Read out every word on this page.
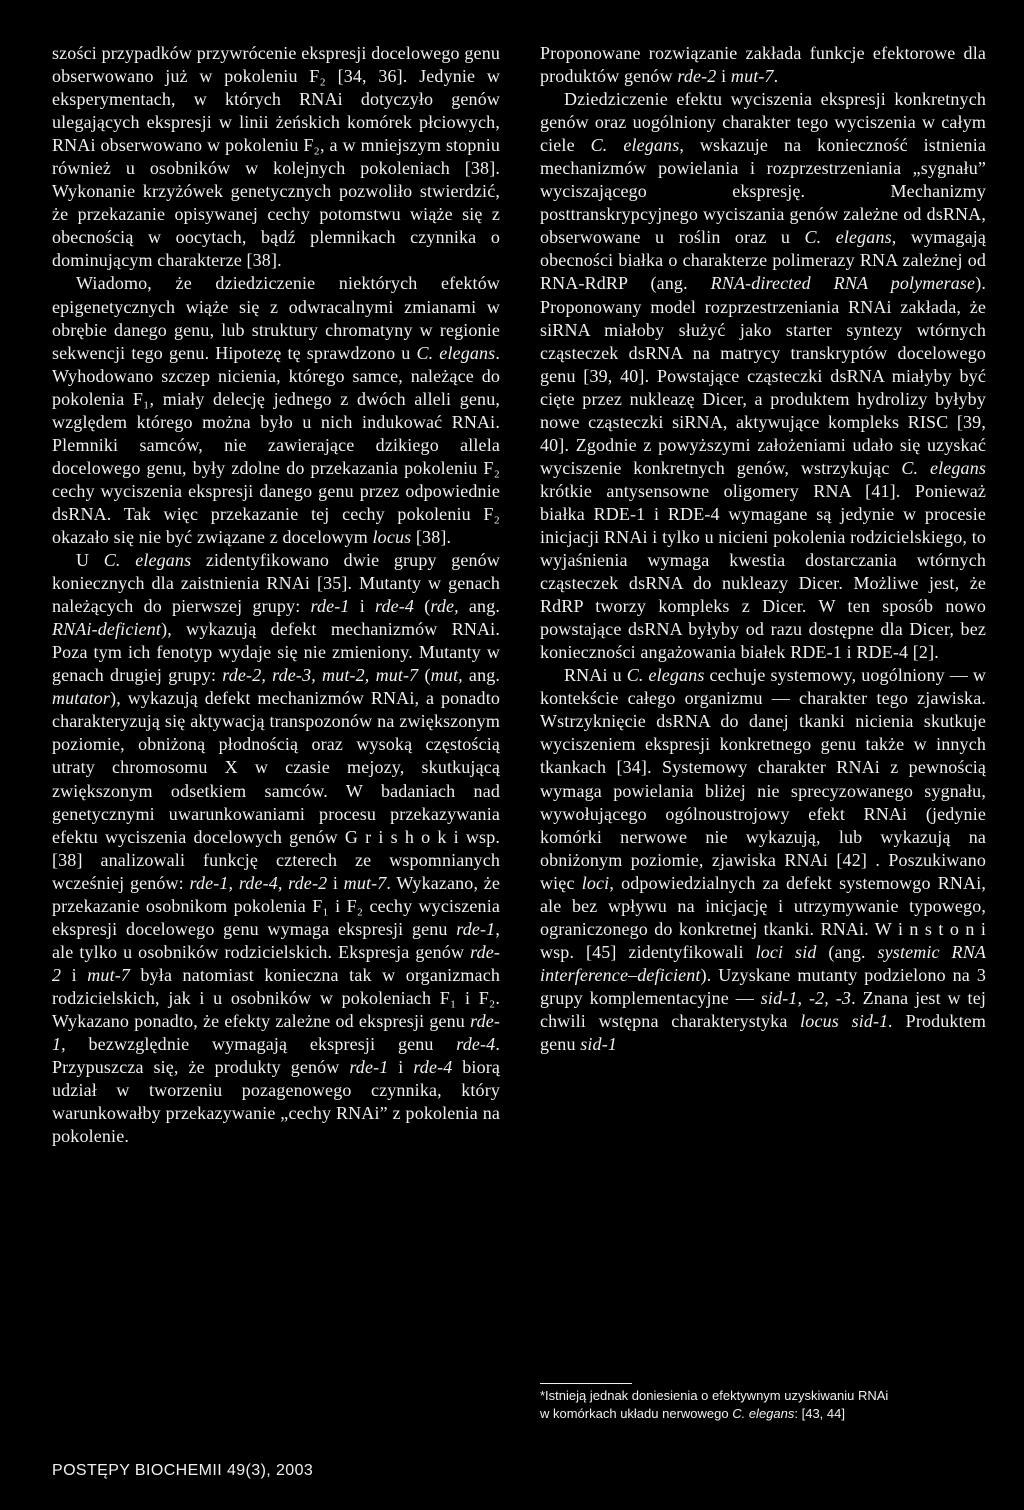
szości przypadków przywrócenie ekspresji docelowego genu obserwowano już w pokoleniu F₂ [34, 36]. Jedynie w eksperymentach, w których RNAi dotyczyło genów ulegających ekspresji w linii żeńskich komórek płciowych, RNAi obserwowano w pokoleniu F₂, a w mniejszym stopniu również u osobników w kolejnych pokoleniach [38]. Wykonanie krzyżówek genetycznych pozwoliło stwierdzić, że przekazanie opisywanej cechy potomstwu wiąże się z obecnością w oocytach, bądź plemnikach czynnika o dominującym charakterze [38].

Wiadomo, że dziedziczenie niektórych efektów epigenetycznych wiąże się z odwracalnymi zmianami w obrębie danego genu, lub struktury chromatyny w regionie sekwencji tego genu. Hipotezę tę sprawdzono u C. elegans. Wyhodowano szczep nicienia, którego samce, należące do pokolenia F₁, miały delecję jednego z dwóch alleli genu, względem którego można było u nich indukować RNAi. Plemniki samców, nie zawierające dzikiego allela docelowego genu, były zdolne do przekazania pokoleniu F₂ cechy wyciszenia ekspresji danego genu przez odpowiednie dsRNA. Tak więc przekazanie tej cechy pokoleniu F₂ okazało się nie być związane z docelowym locus [38].

U C. elegans zidentyfikowano dwie grupy genów koniecznych dla zaistnienia RNAi [35]. Mutanty w genach należących do pierwszej grupy: rde-1 i rde-4 (rde, ang. RNAi-deficient), wykazują defekt mechanizmów RNAi. Poza tym ich fenotyp wydaje się nie zmieniony. Mutanty w genach drugiej grupy: rde-2, rde-3, mut-2, mut-7 (mut, ang. mutator), wykazują defekt mechanizmów RNAi, a ponadto charakteryzują się aktywacją transpozonów na zwiększonym poziomie, obniżoną płodnością oraz wysoką częstością utraty chromosomu X w czasie mejozy, skutkującą zwiększonym odsetkiem samców. W badaniach nad genetycznymi uwarunkowaniami procesu przekazywania efektu wyciszenia docelowych genów G r i s h o k i wsp. [38] analizowali funkcję czterech ze wspomnianych wcześniej genów: rde-1, rde-4, rde-2 i mut-7. Wykazano, że przekazanie osobnikom pokolenia F₁ i F₂ cechy wyciszenia ekspresji docelowego genu wymaga ekspresji genu rde-1, ale tylko u osobników rodzicielskich. Ekspresja genów rde-2 i mut-7 była natomiast konieczna tak w organizmach rodzicielskich, jak i u osobników w pokoleniach F₁ i F₂. Wykazano ponadto, że efekty zależne od ekspresji genu rde-1, bezwzględnie wymagają ekspresji genu rde-4. Przypuszcza się, że produkty genów rde-1 i rde-4 biorą udział w tworzeniu pozagenowego czynnika, który warunkowałby przekazywanie „cechy RNAi” z pokolenia na pokolenie.

Proponowane rozwiązanie zakłada funkcje efektorowe dla produktów genów rde-2 i mut-7.

Dziedziczenie efektu wyciszenia ekspresji konkretnych genów oraz uogólniony charakter tego wyciszenia w całym ciele C. elegans, wskazuje na konieczność istnienia mechanizmów powielania i rozprzestrzeniania „sygnału” wyciszającego ekspresję. Mechanizmy posttranskrypcyjnego wyciszania genów zależne od dsRNA, obserwowane u roślin oraz u C. elegans, wymagają obecności białka o charakterze polimerazy RNA zależnej od RNA-RdRP (ang. RNA-directed RNA polymerase). Proponowany model rozprzestrzeniania RNAi zakłada, że siRNA miałoby służyć jako starter syntezy wtórnych cząsteczek dsRNA na matrycy transkryptów docelowego genu [39, 40]. Powstające cząsteczki dsRNA miałyby być cięte przez nukleazę Dicer, a produktem hydrolizy byłyby nowe cząsteczki siRNA, aktywujące kompleks RISC [39, 40]. Zgodnie z powyższymi założeniami udało się uzyskać wyciszenie konkretnych genów, wstrzykując C. elegans krótkie antysensowne oligomery RNA [41]. Ponieważ białka RDE-1 i RDE-4 wymagane są jedynie w procesie inicjacji RNAi i tylko u nicieni pokolenia rodzicielskiego, to wyjaśnienia wymaga kwestia dostarczania wtórnych cząsteczek dsRNA do nukleazy Dicer. Możliwe jest, że RdRP tworzy kompleks z Dicer. W ten sposób nowo powstające dsRNA byłyby od razu dostępne dla Dicer, bez konieczności angażowania białek RDE-1 i RDE-4 [2].

RNAi u C. elegans cechuje systemowy, uogólniony — w kontekście całego organizmu — charakter tego zjawiska. Wstrzyknięcie dsRNA do danej tkanki nicienia skutkuje wyciszeniem ekspresji konkretnego genu także w innych tkankach [34]. Systemowy charakter RNAi z pewnością wymaga powielania bliżej nie sprecyzowanego sygnału, wywołującego ogólnoustrojowy efekt RNAi (jedynie komórki nerwowe nie wykazują, lub wykazują na obniżonym poziomie, zjawiska RNAi [42] . Poszukiwano więc loci, odpowiedzialnych za defekt systemowgo RNAi, ale bez wpływu na inicjację i utrzymywanie typowego, ograniczonego do konkretnej tkanki. RNAi. W i n s t o n i wsp. [45] zidentyfikowali loci sid (ang. systemic RNA interference–deficient). Uzyskane mutanty podzielono na 3 grupy komplementacyjne — sid-1, -2, -3. Znana jest w tej chwili wstępna charakterystyka locus sid-1. Produktem genu sid-1

*Istnieją jednak doniesienia o efektywnym uzyskiwaniu RNAi
w komórkach układu nerwowego C. elegans: [43, 44]
POSTĘPY BIOCHEMII 49(3), 2003
